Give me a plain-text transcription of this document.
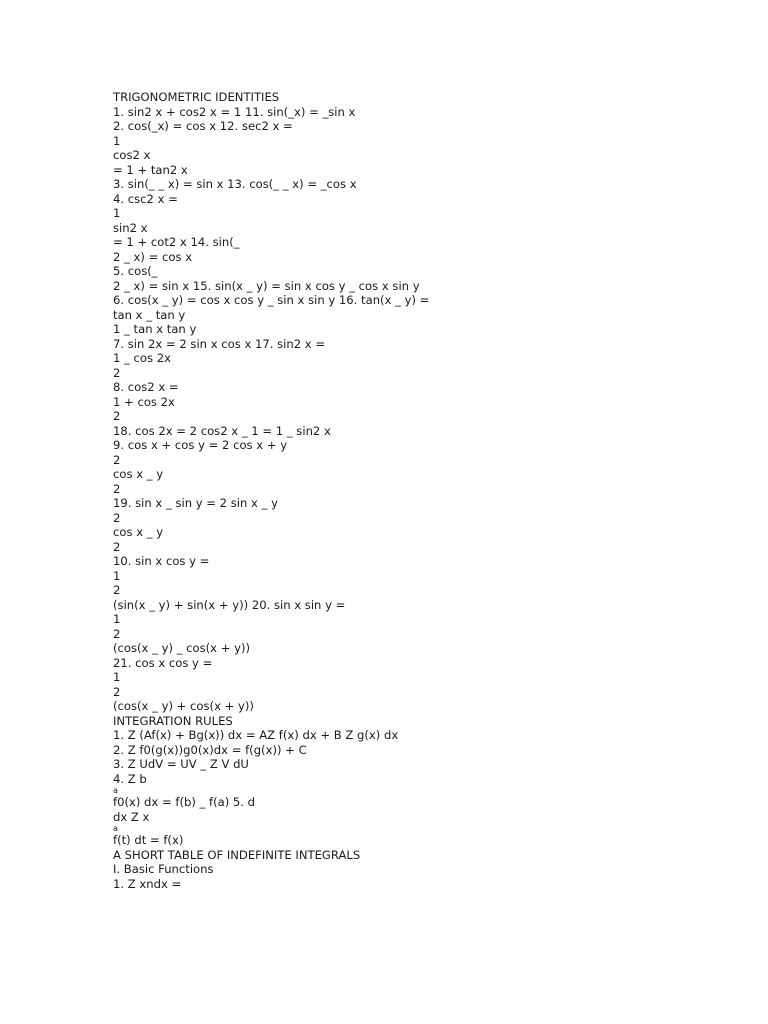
TRIGONOMETRIC IDENTITIES

1. sin2 x + cos2 x = 1 11. sin(_x) = _sin x

2. cos(_x) = cos x 12. sec2 x =

1

cos2 x

= 1 + tan2 x

3. sin(_ _ x) = sin x 13. cos(_ _ x) = _cos x

4. csc2 x =

1

sin2 x

= 1 + cot2 x 14. sin(_

2 _ x) = cos x

5. cos(_

2 _ x) = sin x 15. sin(x _ y) = sin x cos y _ cos x sin y

6. cos(x _ y) = cos x cos y _ sin x sin y 16. tan(x _ y) =

tan x _ tan y

1 _ tan x tan y

7. sin 2x = 2 sin x cos x 17. sin2 x =

1 _ cos 2x

2

8. cos2 x =

1 + cos 2x

2

18. cos 2x = 2 cos2 x _ 1 = 1 _ sin2 x

9. cos x + cos y = 2 cos x + y

2

cos x _ y

2

19. sin x _ sin y = 2 sin x _ y

2

cos x _ y

2

10. sin x cos y =

1

2

(sin(x _ y) + sin(x + y)) 20. sin x sin y =

1

2

(cos(x _ y) _ cos(x + y))

21. cos x cos y =

1

2

(cos(x _ y) + cos(x + y))

INTEGRATION RULES

1. Z (Af(x) + Bg(x)) dx = AZ f(x) dx + B Z g(x) dx

2. Z f0(g(x))g0(x)dx = f(g(x)) + C

3. Z UdV = UV _ Z V dU

4. Z b

a

f0(x) dx = f(b) _ f(a) 5. d

dx Z x

a

f(t) dt = f(x)

A SHORT TABLE OF INDEFINITE INTEGRALS

I. Basic Functions

1. Z xndx =
